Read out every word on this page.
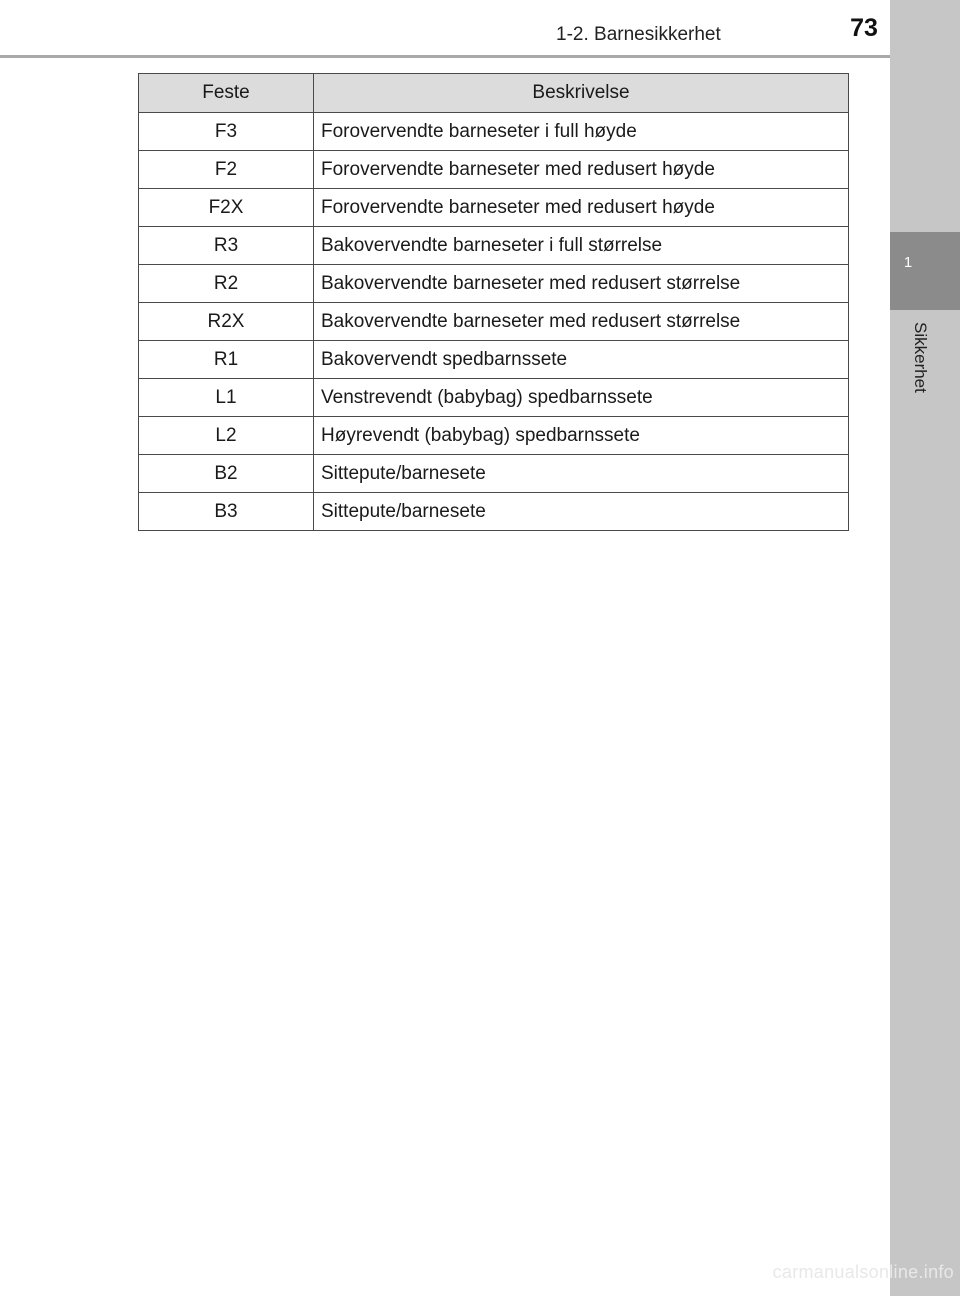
1-2. Barnesikkerhet	73
1
Sikkerhet
Feste	Beskrivelse
F3	Forovervendte barneseter i full høyde
F2	Forovervendte barneseter med redusert høyde
F2X	Forovervendte barneseter med redusert høyde
R3	Bakovervendte barneseter i full størrelse
R2	Bakovervendte barneseter med redusert størrelse
R2X	Bakovervendte barneseter med redusert størrelse
R1	Bakovervendt spedbarnssete
L1	Venstrevendt (babybag) spedbarnssete
L2	Høyrevendt (babybag) spedbarnssete
B2	Sittepute/barnesete
B3	Sittepute/barnesete
carmanualsonline.info
